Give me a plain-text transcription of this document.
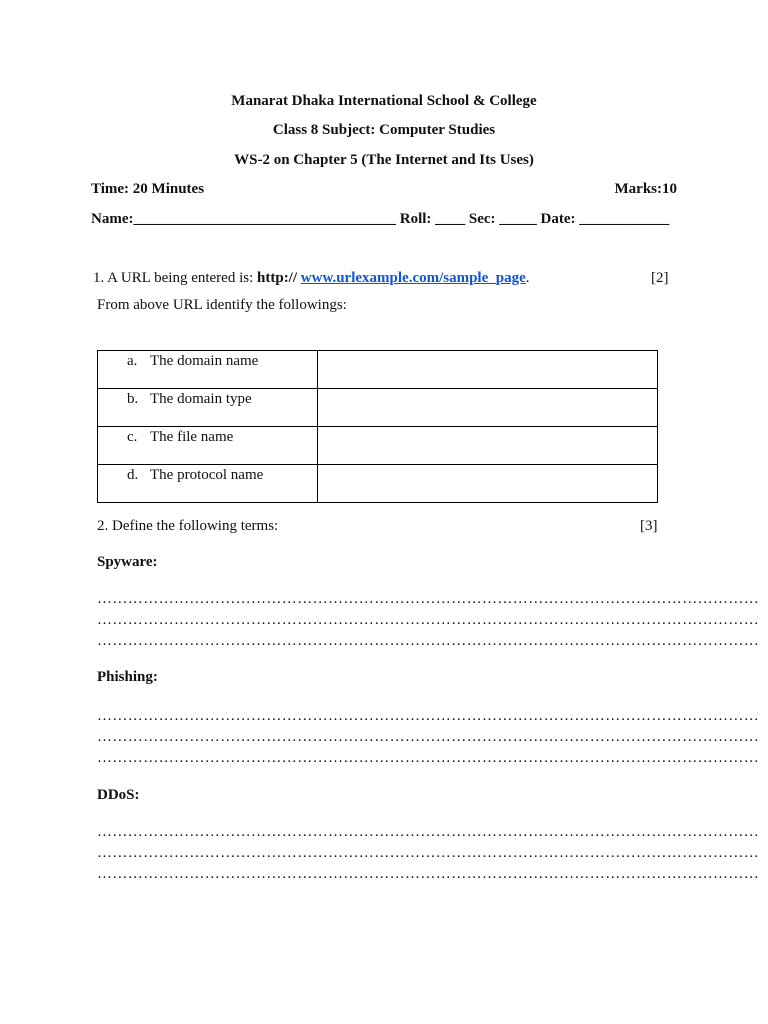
Manarat Dhaka International School & College
Class 8 Subject: Computer Studies
WS-2 on Chapter 5 (The Internet and Its Uses)
Time: 20 Minutes	Marks:10
Name:___________________________________ Roll: ____ Sec: _____ Date: ____________
1. A URL being entered is: http:// www.urlexample.com/sample_page.	[2]
From above URL identify the followings:
a. The domain name	

b. The domain type	

c. The file name	

d. The protocol name	

2. Define the following terms:	[3]
Spyware:
…………………………………………………………………………………………………………………
…………………………………………………………………………………………………………………
…………………………………………………………………………………………………………………
Phishing:
…………………………………………………………………………………………………………………
…………………………………………………………………………………………………………………
…………………………………………………………………………………………………………………
DDoS:
…………………………………………………………………………………………………………………
…………………………………………………………………………………………………………………
…………………………………………………………………………………………………………………
